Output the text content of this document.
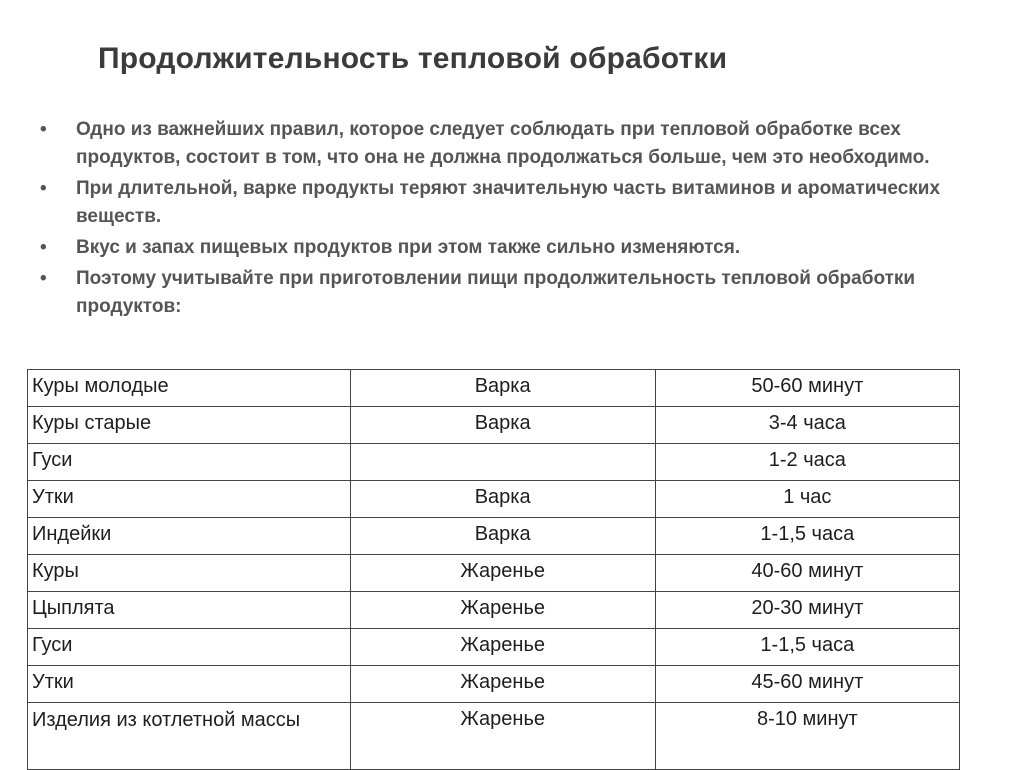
Продолжительность тепловой обработки
•	Одно из важнейших правил, которое следует соблюдать при тепловой обработке всех продуктов, состоит в том, что она не должна продолжаться больше, чем это необходимо.
•	При длительной, варке продукты теряют значительную часть витаминов и ароматических веществ.
•	Вкус и запах пищевых продуктов при этом также сильно изменяются.
•	Поэтому учитывайте при приготовлении пищи продолжительность тепловой обработки продуктов:
Куры молодые	Варка	50-60 минут
Куры старые	Варка	3-4 часа
Гуси		1-2 часа
Утки	Варка	1 час
Индейки	Варка	1-1,5 часа
Куры	Жаренье	40-60 минут
Цыплята	Жаренье	20-30 минут
Гуси	Жаренье	1-1,5 часа
Утки	Жаренье	45-60 минут
Изделия из котлетной массы	Жаренье	8-10 минут
